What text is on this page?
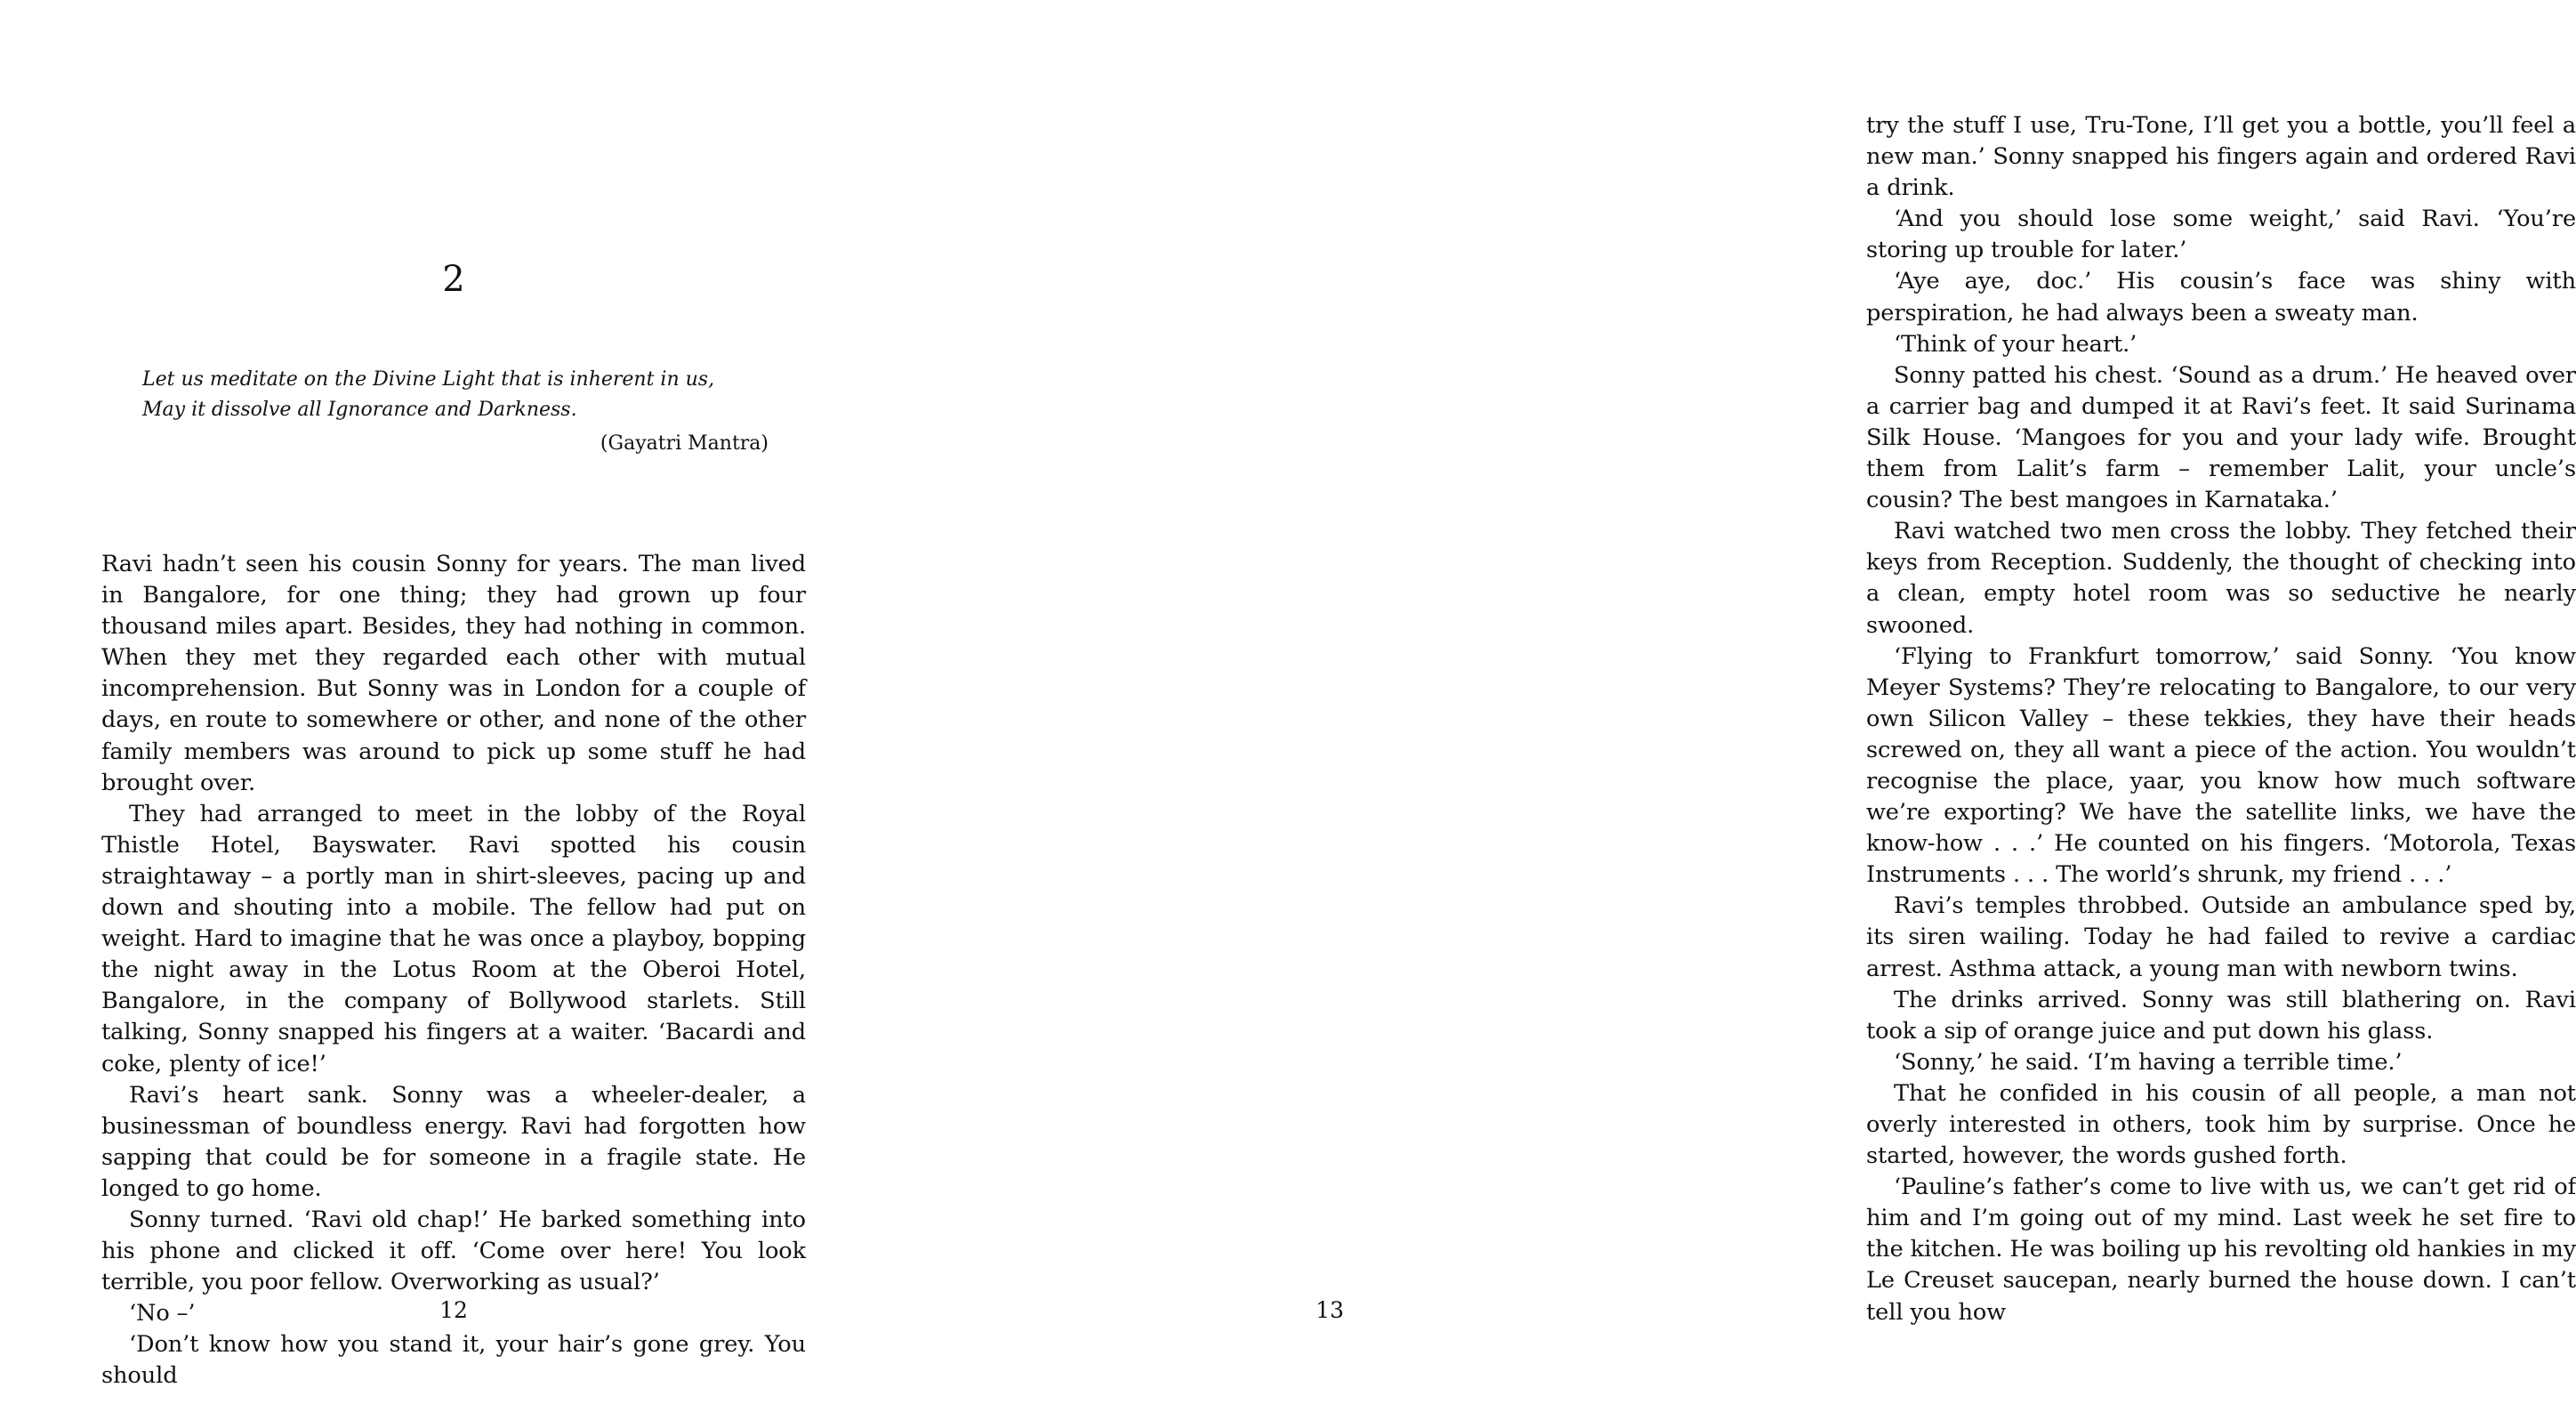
2

Let us meditate on the Divine Light that is inherent in us,

May it dissolve all Ignorance and Darkness.

(Gayatri Mantra)

Ravi hadn’t seen his cousin Sonny for years. The man lived in Bangalore, for one thing; they had grown up four thousand miles apart. Besides, they had nothing in common. When they met they regarded each other with mutual incomprehension. But Sonny was in London for a couple of days, en route to somewhere or other, and none of the other family members was around to pick up some stuff he had brought over.

They had arranged to meet in the lobby of the Royal Thistle Hotel, Bayswater. Ravi spotted his cousin straightaway – a portly man in shirt-sleeves, pacing up and down and shouting into a mobile. The fellow had put on weight. Hard to imagine that he was once a playboy, bopping the night away in the Lotus Room at the Oberoi Hotel, Bangalore, in the company of Bollywood starlets. Still talking, Sonny snapped his fingers at a waiter. ‘Bacardi and coke, plenty of ice!’

Ravi’s heart sank. Sonny was a wheeler-dealer, a businessman of boundless energy. Ravi had forgotten how sapping that could be for someone in a fragile state. He longed to go home.

Sonny turned. ‘Ravi old chap!’ He barked something into his phone and clicked it off. ‘Come over here! You look terrible, you poor fellow. Overworking as usual?’

‘No –’

‘Don’t know how you stand it, your hair’s gone grey. You should

12

try the stuff I use, Tru-Tone, I’ll get you a bottle, you’ll feel a new man.’ Sonny snapped his fingers again and ordered Ravi a drink.

‘And you should lose some weight,’ said Ravi. ‘You’re storing up trouble for later.’

‘Aye aye, doc.’ His cousin’s face was shiny with perspiration, he had always been a sweaty man.

‘Think of your heart.’

Sonny patted his chest. ‘Sound as a drum.’ He heaved over a carrier bag and dumped it at Ravi’s feet. It said Surinama Silk House. ‘Mangoes for you and your lady wife. Brought them from Lalit’s farm – remember Lalit, your uncle’s cousin? The best mangoes in Karnataka.’

Ravi watched two men cross the lobby. They fetched their keys from Reception. Suddenly, the thought of checking into a clean, empty hotel room was so seductive he nearly swooned.

‘Flying to Frankfurt tomorrow,’ said Sonny. ‘You know Meyer Systems? They’re relocating to Bangalore, to our very own Silicon Valley – these tekkies, they have their heads screwed on, they all want a piece of the action. You wouldn’t recognise the place, yaar, you know how much software we’re exporting? We have the satellite links, we have the know-how . . .’ He counted on his fingers. ‘Motorola, Texas Instruments . . . The world’s shrunk, my friend . . .’

Ravi’s temples throbbed. Outside an ambulance sped by, its siren wailing. Today he had failed to revive a cardiac arrest. Asthma attack, a young man with newborn twins.

The drinks arrived. Sonny was still blathering on. Ravi took a sip of orange juice and put down his glass.

‘Sonny,’ he said. ‘I’m having a terrible time.’

That he confided in his cousin of all people, a man not overly interested in others, took him by surprise. Once he started, however, the words gushed forth.

‘Pauline’s father’s come to live with us, we can’t get rid of him and I’m going out of my mind. Last week he set fire to the kitchen. He was boiling up his revolting old hankies in my Le Creuset saucepan, nearly burned the house down. I can’t tell you how

13
